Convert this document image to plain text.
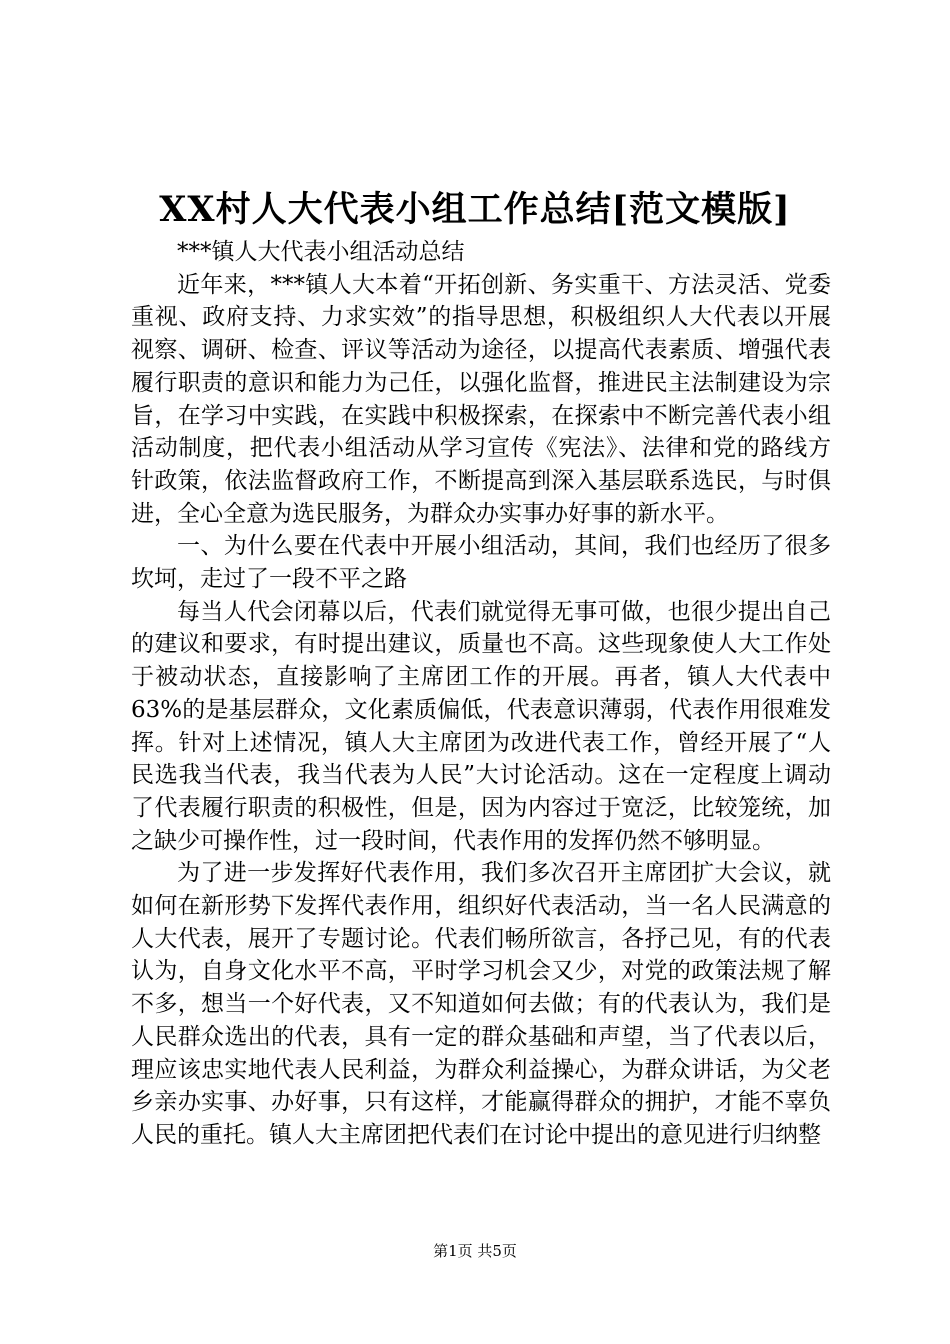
XX村人大代表小组工作总结[范文模版]

***镇人大代表小组活动总结

近年来，***镇人大本着“开拓创新、务实重干、方法灵活、党委重视、政府支持、力求实效”的指导思想，积极组织人大代表以开展视察、调研、检查、评议等活动为途径，以提高代表素质、增强代表履行职责的意识和能力为己任，以强化监督，推进民主法制建设为宗旨，在学习中实践，在实践中积极探索，在探索中不断完善代表小组活动制度，把代表小组活动从学习宣传《宪法》、法律和党的路线方针政策，依法监督政府工作，不断提高到深入基层联系选民，与时俱进，全心全意为选民服务，为群众办实事办好事的新水平。

一、为什么要在代表中开展小组活动，其间，我们也经历了很多坎坷，走过了一段不平之路

每当人代会闭幕以后，代表们就觉得无事可做，也很少提出自己的建议和要求，有时提出建议，质量也不高。这些现象使人大工作处于被动状态，直接影响了主席团工作的开展。再者，镇人大代表中63%的是基层群众，文化素质偏低，代表意识薄弱，代表作用很难发挥。针对上述情况，镇人大主席团为改进代表工作，曾经开展了“人民选我当代表，我当代表为人民”大讨论活动。这在一定程度上调动了代表履行职责的积极性，但是，因为内容过于宽泛，比较笼统，加之缺少可操作性，过一段时间，代表作用的发挥仍然不够明显。

为了进一步发挥好代表作用，我们多次召开主席团扩大会议，就如何在新形势下发挥代表作用，组织好代表活动，当一名人民满意的人大代表，展开了专题讨论。代表们畅所欲言，各抒己见，有的代表认为，自身文化水平不高，平时学习机会又少，对党的政策法规了解不多，想当一个好代表，又不知道如何去做；有的代表认为，我们是人民群众选出的代表，具有一定的群众基础和声望，当了代表以后，理应该忠实地代表人民利益，为群众利益操心，为群众讲话，为父老乡亲办实事、办好事，只有这样，才能赢得群众的拥护，才能不辜负人民的重托。镇人大主席团把代表们在讨论中提出的意见进行归纳整

第1页 共5页
